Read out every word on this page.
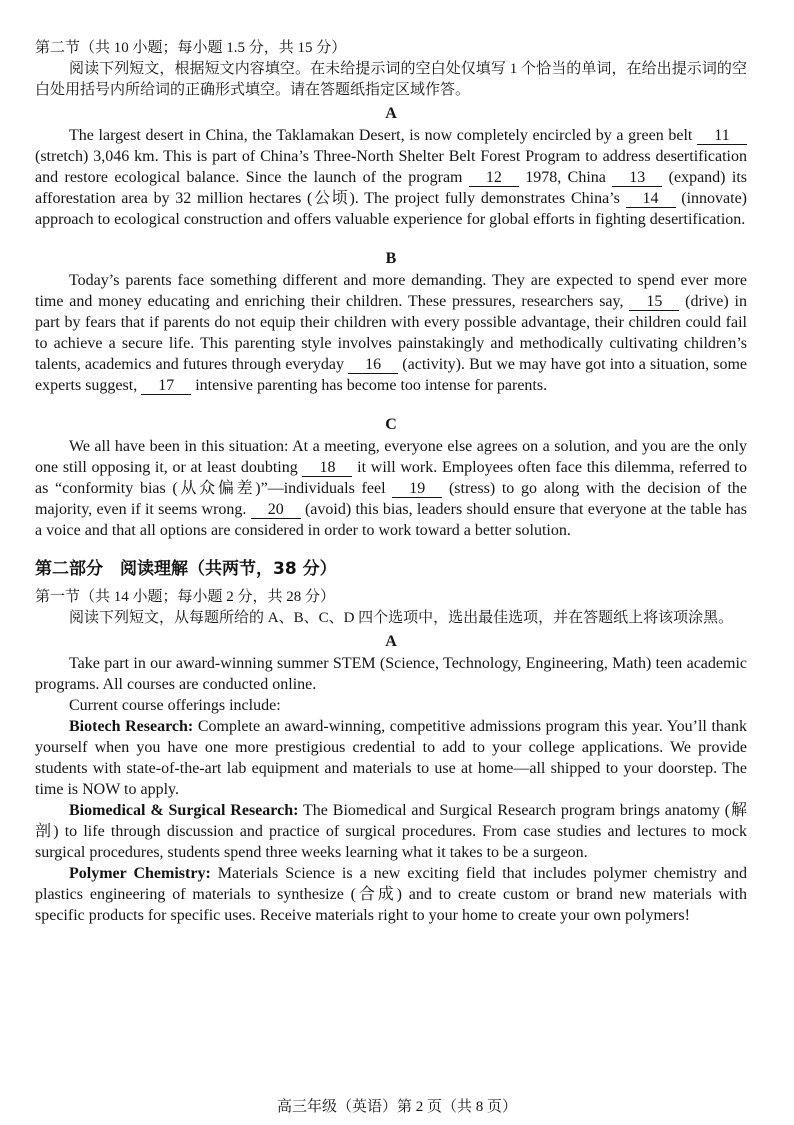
第二节（共 10 小题；每小题 1.5 分，共 15 分）

阅读下列短文，根据短文内容填空。在未给提示词的空白处仅填写 1 个恰当的单词，在给出提示词的空白处用括号内所给词的正确形式填空。请在答题纸指定区域作答。

A

The largest desert in China, the Taklamakan Desert, is now completely encircled by a green belt 11 (stretch) 3,046 km. This is part of China’s Three-North Shelter Belt Forest Program to address desertification and restore ecological balance. Since the launch of the program 12 1978, China 13 (expand) its afforestation area by 32 million hectares (公顷). The project fully demonstrates China’s 14 (innovate) approach to ecological construction and offers valuable experience for global efforts in fighting desertification.

B

Today’s parents face something different and more demanding. They are expected to spend ever more time and money educating and enriching their children. These pressures, researchers say, 15 (drive) in part by fears that if parents do not equip their children with every possible advantage, their children could fail to achieve a secure life. This parenting style involves painstakingly and methodically cultivating children’s talents, academics and futures through everyday 16 (activity). But we may have got into a situation, some experts suggest, 17 intensive parenting has become too intense for parents.

C

We all have been in this situation: At a meeting, everyone else agrees on a solution, and you are the only one still opposing it, or at least doubting 18 it will work. Employees often face this dilemma, referred to as “conformity bias (从众偏差)”—individuals feel 19 (stress) to go along with the decision of the majority, even if it seems wrong. 20 (avoid) this bias, leaders should ensure that everyone at the table has a voice and that all options are considered in order to work toward a better solution.

第二部分　阅读理解（共两节，38 分）

第一节（共 14 小题；每小题 2 分，共 28 分）

阅读下列短文，从每题所给的 A、B、C、D 四个选项中，选出最佳选项，并在答题纸上将该项涂黑。

A

Take part in our award-winning summer STEM (Science, Technology, Engineering, Math) teen academic programs. All courses are conducted online.

Current course offerings include:

Biotech Research: Complete an award-winning, competitive admissions program this year. You’ll thank yourself when you have one more prestigious credential to add to your college applications. We provide students with state-of-the-art lab equipment and materials to use at home—all shipped to your doorstep. The time is NOW to apply.

Biomedical & Surgical Research: The Biomedical and Surgical Research program brings anatomy (解剖) to life through discussion and practice of surgical procedures. From case studies and lectures to mock surgical procedures, students spend three weeks learning what it takes to be a surgeon.

Polymer Chemistry: Materials Science is a new exciting field that includes polymer chemistry and plastics engineering of materials to synthesize (合成) and to create custom or brand new materials with specific products for specific uses. Receive materials right to your home to create your own polymers!

高三年级（英语）第 2 页（共 8 页）
